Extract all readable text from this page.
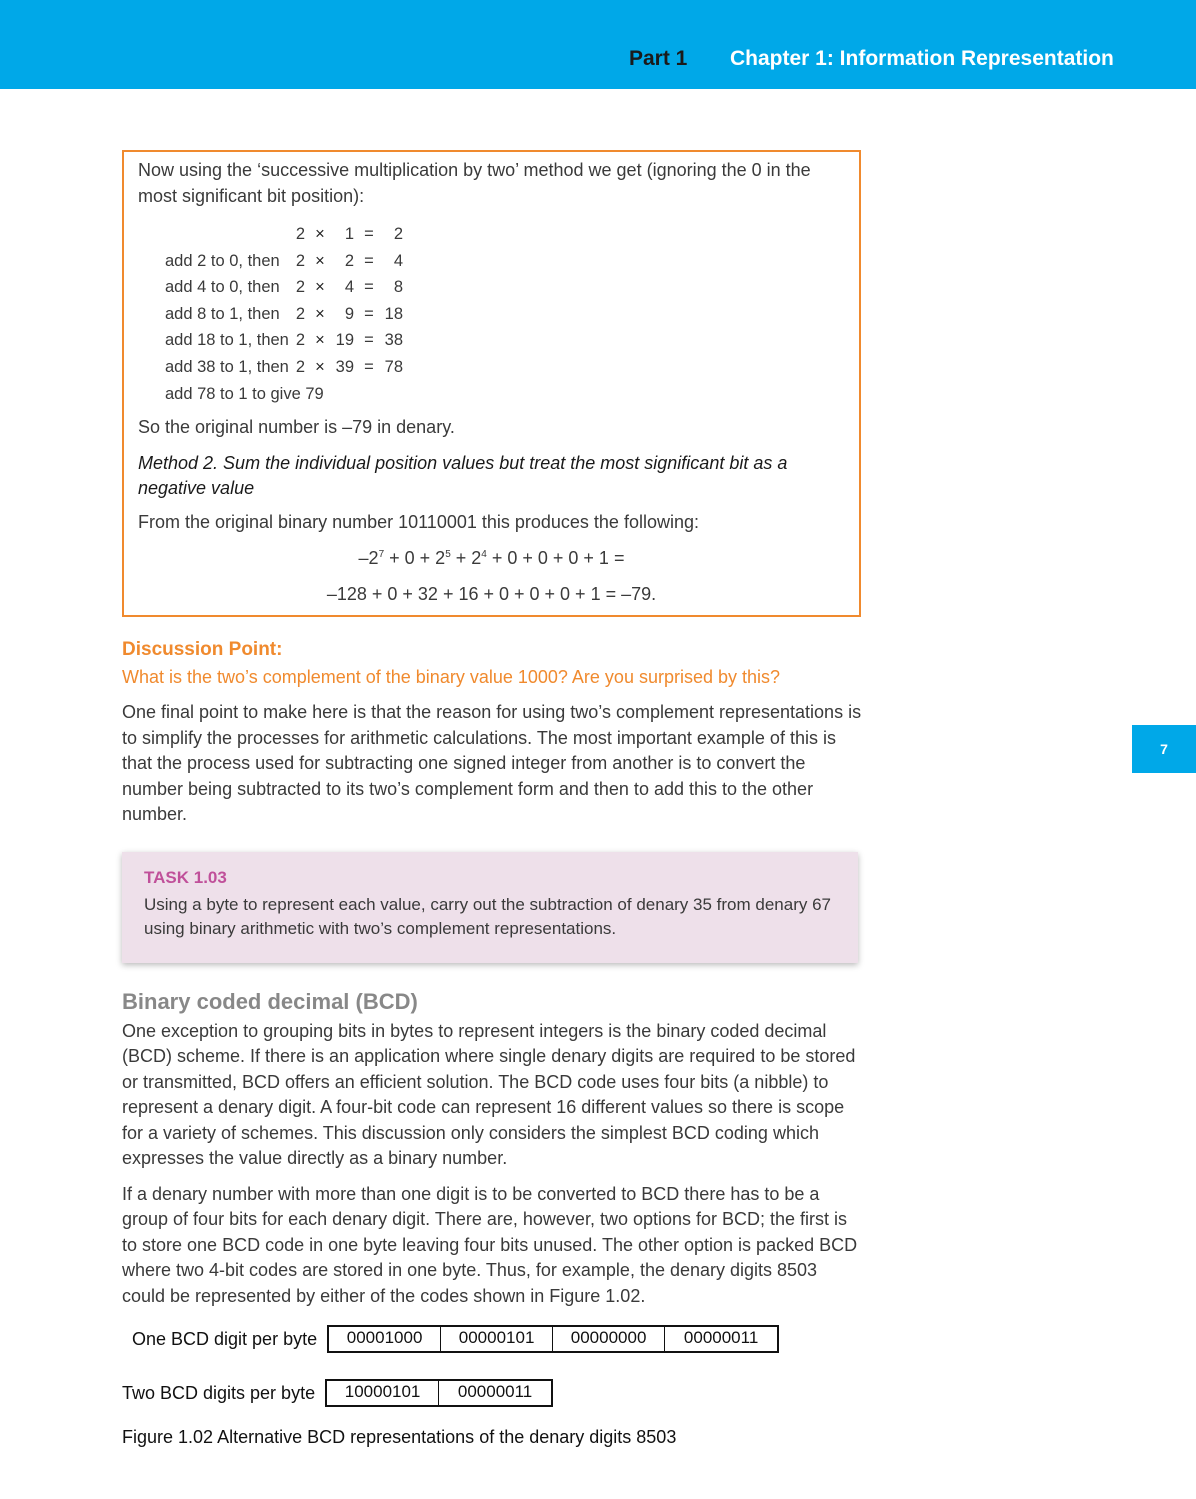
Part 1 Chapter 1: Information Representation
7

Now using the ‘successive multiplication by two’ method we get (ignoring the 0 in the most significant bit position):

2 ×	1 =	2
add 2 to 0, then 2 ×	2 =	4
add 4 to 0, then 2 ×	4 =	8
add 8 to 1, then 2 ×	9 = 18
add 18 to 1, then 2 × 19 = 38
add 38 to 1, then 2 × 39 = 78
add 78 to 1 to give 79

So the original number is –79 in denary.

Method 2. Sum the individual position values but treat the most significant bit as a negative value

From the original binary number 10110001 this produces the following:

$-2^7 + 0 + 2^5 + 2^4 + 0 + 0 + 0 + 1$ =

–128 + 0 + 32 + 16 + 0 + 0 + 0 + 1 = –79.

Discussion Point:

What is the two’s complement of the binary value 1000? Are you surprised by this?

One final point to make here is that the reason for using two’s complement representations is to simplify the processes for arithmetic calculations. The most important example of this is that the process used for subtracting one signed integer from another is to convert the number being subtracted to its two’s complement form and then to add this to the other number.

TASK 1.03

Using a byte to represent each value, carry out the subtraction of denary 35 from denary 67 using binary arithmetic with two’s complement representations.

Binary coded decimal (BCD)

One exception to grouping bits in bytes to represent integers is the binary coded decimal (BCD) scheme. If there is an application where single denary digits are required to be stored or transmitted, BCD offers an efficient solution. The BCD code uses four bits (a nibble) to represent a denary digit. A four-bit code can represent 16 different values so there is scope for a variety of schemes. This discussion only considers the simplest BCD coding which expresses the value directly as a binary number.

If a denary number with more than one digit is to be converted to BCD there has to be a group of four bits for each denary digit. There are, however, two options for BCD; the first is to store one BCD code in one byte leaving four bits unused. The other option is packed BCD where two 4-bit codes are stored in one byte. Thus, for example, the denary digits 8503 could be represented by either of the codes shown in Figure 1.02.

One BCD digit per byte	00001000	00000101	00000000	00000011
Two BCD digits per byte	10000101	00000011

Figure 1.02 Alternative BCD representations of the denary digits 8503
